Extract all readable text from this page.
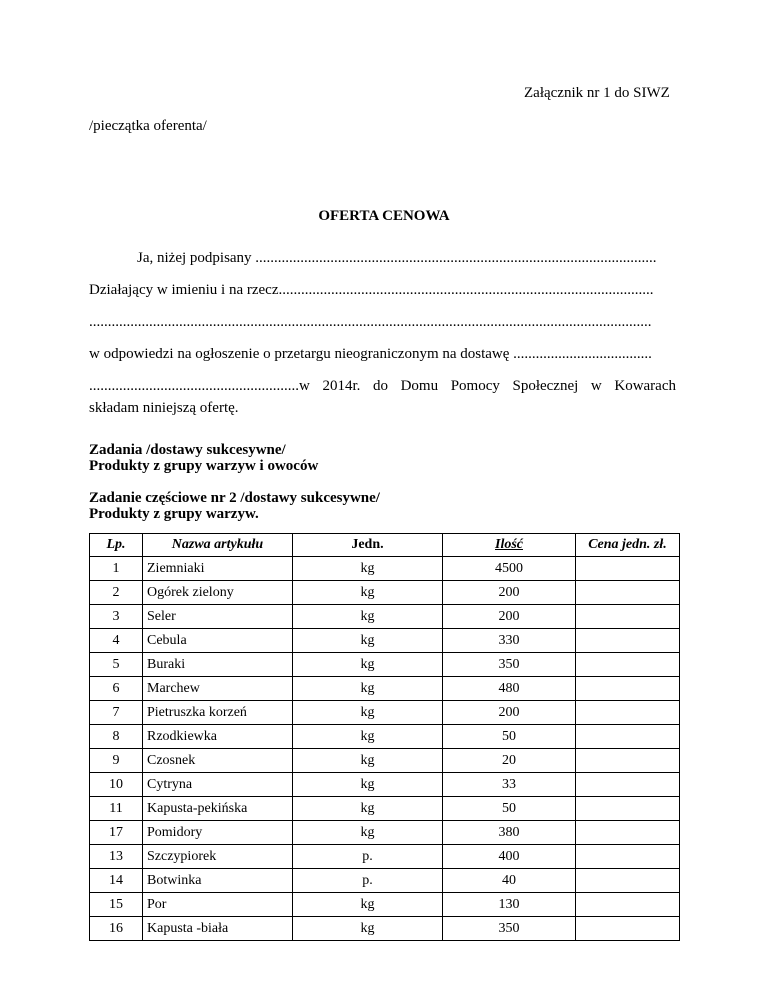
Załącznik nr 1 do SIWZ
/pieczątka oferenta/
OFERTA CENOWA
Ja, niżej podpisany ...........................................................................................................
Działający w imieniu i na rzecz....................................................................................................
......................................................................................................................................................
w odpowiedzi na ogłoszenie o przetargu nieograniczonym na dostawę .....................................
........................................................w 2014r. do Domu Pomocy Społecznej w Kowarach
składam niniejszą ofertę.
Zadania /dostawy sukcesywne/
Produkty z grupy warzyw i owoców
Zadanie częściowe nr 2 /dostawy sukcesywne/
Produkty z grupy warzyw.
Lp.	Nazwa artykułu	Jedn.	Ilość	Cena jedn. zł.
1	Ziemniaki	kg	4500	
2	Ogórek zielony	kg	200	
3	Seler	kg	200	
4	Cebula	kg	330	
5	Buraki	kg	350	
6	Marchew	kg	480	
7	Pietruszka korzeń	kg	200	
8	Rzodkiewka	kg	50	
9	Czosnek	kg	20	
10	Cytryna	kg	33	
11	Kapusta-pekińska	kg	50	
17	Pomidory	kg	380	
13	Szczypiorek	p.	400	
14	Botwinka	p.	40	
15	Por	kg	130	
16	Kapusta -biała	kg	350	
